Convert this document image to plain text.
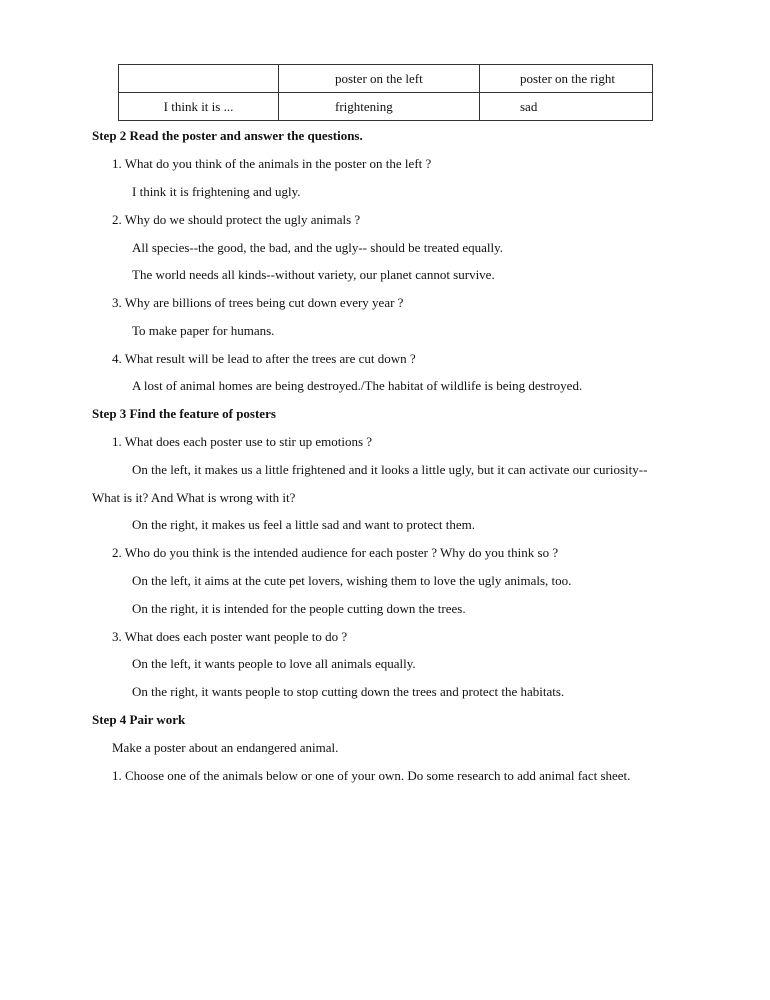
	poster on the left	poster on the right
I think it is ...	frightening	sad
Step 2 Read the poster and answer the questions.
1. What do you think of the animals in the poster on the left ?
I think it is frightening and ugly.
2. Why do we should protect the ugly animals ?
All species--the good, the bad, and the ugly-- should be treated equally.
The world needs all kinds--without variety, our planet cannot survive.
3. Why are billions of trees being cut down every year ?
To make paper for humans.
4. What result will be lead to after the trees are cut down ?
A lost of animal homes are being destroyed./The habitat of wildlife is being destroyed.
Step 3 Find the feature of posters
1. What does each poster use to stir up emotions ?
On the left, it makes us a little frightened and it looks a little ugly, but it can activate our curiosity--
What is it? And What is wrong with it?
On the right, it makes us feel a little sad and want to protect them.
2. Who do you think is the intended audience for each poster ? Why do you think so ?
On the left, it aims at the cute pet lovers, wishing them to love the ugly animals, too.
On the right, it is intended for the people cutting down the trees.
3. What does each poster want people to do ?
On the left, it wants people to love all animals equally.
On the right, it wants people to stop cutting down the trees and protect the habitats.
Step 4 Pair work
Make a poster about an endangered animal.
1. Choose one of the animals below or one of your own. Do some research to add animal fact sheet.
